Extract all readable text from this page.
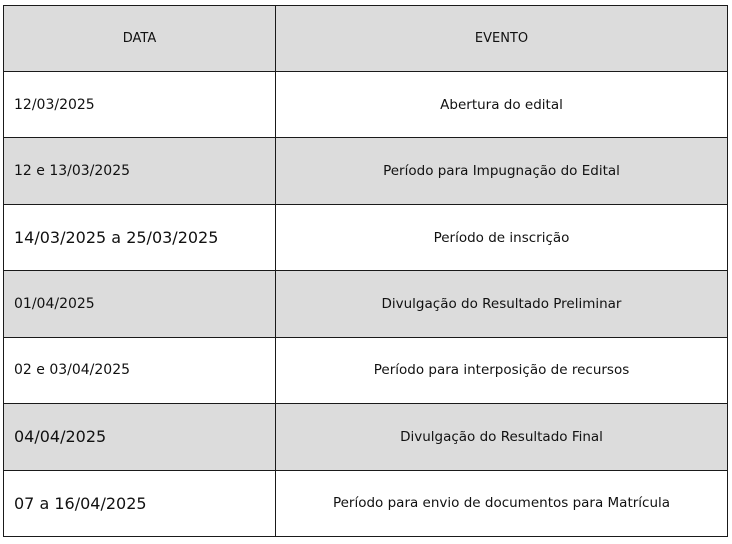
DATA	EVENTO
12/03/2025	Abertura do edital
12 e 13/03/2025	Período para Impugnação do Edital
14/03/2025 a 25/03/2025	Período de inscrição
01/04/2025	Divulgação do Resultado Preliminar
02 e 03/04/2025	Período para interposição de recursos
04/04/2025	Divulgação do Resultado Final
07 a 16/04/2025	Período para envio de documentos para Matrícula
